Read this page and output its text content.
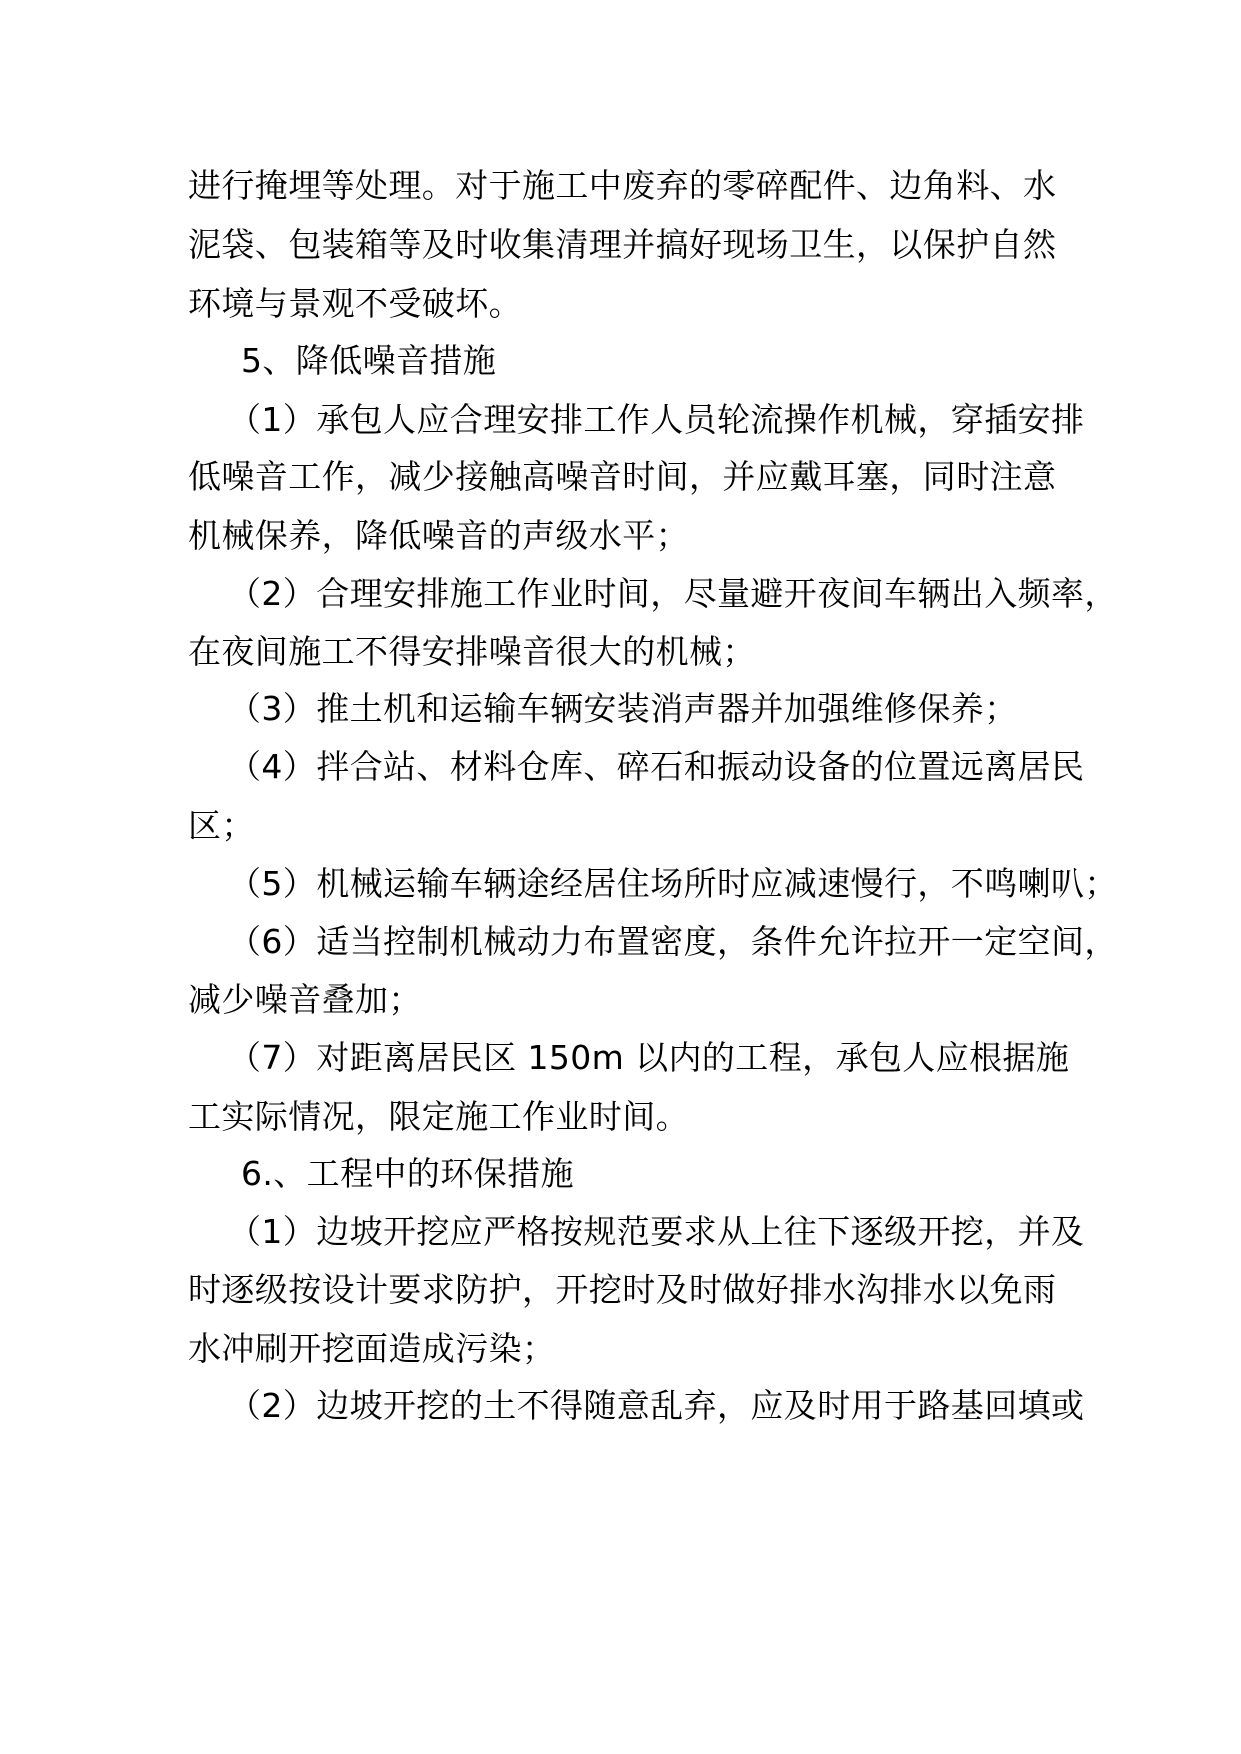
进行掩埋等处理。对于施工中废弃的零碎配件、边角料、水
泥袋、包装箱等及时收集清理并搞好现场卫生，以保护自然
环境与景观不受破坏。
5、降低噪音措施
（1）承包人应合理安排工作人员轮流操作机械，穿插安排
低噪音工作，减少接触高噪音时间，并应戴耳塞，同时注意
机械保养，降低噪音的声级水平；
（2）合理安排施工作业时间，尽量避开夜间车辆出入频率，
在夜间施工不得安排噪音很大的机械；
（3）推土机和运输车辆安装消声器并加强维修保养；
（4）拌合站、材料仓库、碎石和振动设备的位置远离居民
区；
（5）机械运输车辆途经居住场所时应减速慢行，不鸣喇叭；
（6）适当控制机械动力布置密度，条件允许拉开一定空间，
减少噪音叠加；
（7）对距离居民区 150m 以内的工程，承包人应根据施
工实际情况，限定施工作业时间。
6.、工程中的环保措施
（1）边坡开挖应严格按规范要求从上往下逐级开挖，并及
时逐级按设计要求防护，开挖时及时做好排水沟排水以免雨
水冲刷开挖面造成污染；
（2）边坡开挖的土不得随意乱弃，应及时用于路基回填或
